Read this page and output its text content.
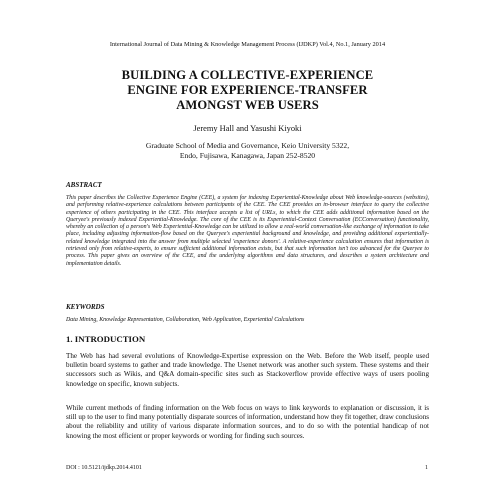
International Journal of Data Mining & Knowledge Management Process (IJDKP) Vol.4, No.1, January 2014
BUILDING A COLLECTIVE-EXPERIENCE
ENGINE FOR EXPERIENCE-TRANSFER
AMONGST WEB USERS
Jeremy Hall and Yasushi Kiyoki
Graduate School of Media and Governance, Keio University 5322,
Endo, Fujisawa, Kanagawa, Japan 252-8520
ABSTRACT
This paper describes the Collective Experience Engine (CEE), a system for indexing Experiential-Knowledge about Web knowledge-sources (websites), and performing relative-experience calculations between participants of the CEE. The CEE provides an in-browser interface to query the collective experience of others participating in the CEE. This interface accepts a list of URLs, to which the CEE adds additional information based on the Queryee's previously indexed Experiential-Knowledge. The core of the CEE is its Experiential-Context Conversation (ECConversation) functionality, whereby an collection of a person's Web Experiential-Knowledge can be utilized to allow a real-world conversation-like exchange of information to take place, including adjusting information-flow based on the Queryee's experiential background and knowledge, and providing additional experientially-related knowledge integrated into the answer from multiple selected 'experience donors'. A relative-experience calculation ensures that information is retrieved only from relative-experts, to ensure sufficient additional information exists, but that such information isn't too advanced for the Queryee to process. This paper gives an overview of the CEE, and the underlying algorithms and data structures, and describes a system architecture and implementation details.
KEYWORDS
Data Mining, Knowledge Representation, Collaboration, Web Application, Experiential Calculations
1. INTRODUCTION
The Web has had several evolutions of Knowledge-Expertise expression on the Web. Before the Web itself, people used bulletin board systems to gather and trade knowledge. The Usenet network was another such system. These systems and their successors such as Wikis, and Q&A domain-specific sites such as Stackoverflow provide effective ways of users pooling knowledge on specific, known subjects.
While current methods of finding information on the Web focus on ways to link keywords to explanation or discussion, it is still up to the user to find many potentially disparate sources of information, understand how they fit together, draw conclusions about the reliability and utility of various disparate information sources, and to do so with the potential handicap of not knowing the most efficient or proper keywords or wording for finding such sources.
DOI : 10.5121/ijdkp.2014.4101	1
